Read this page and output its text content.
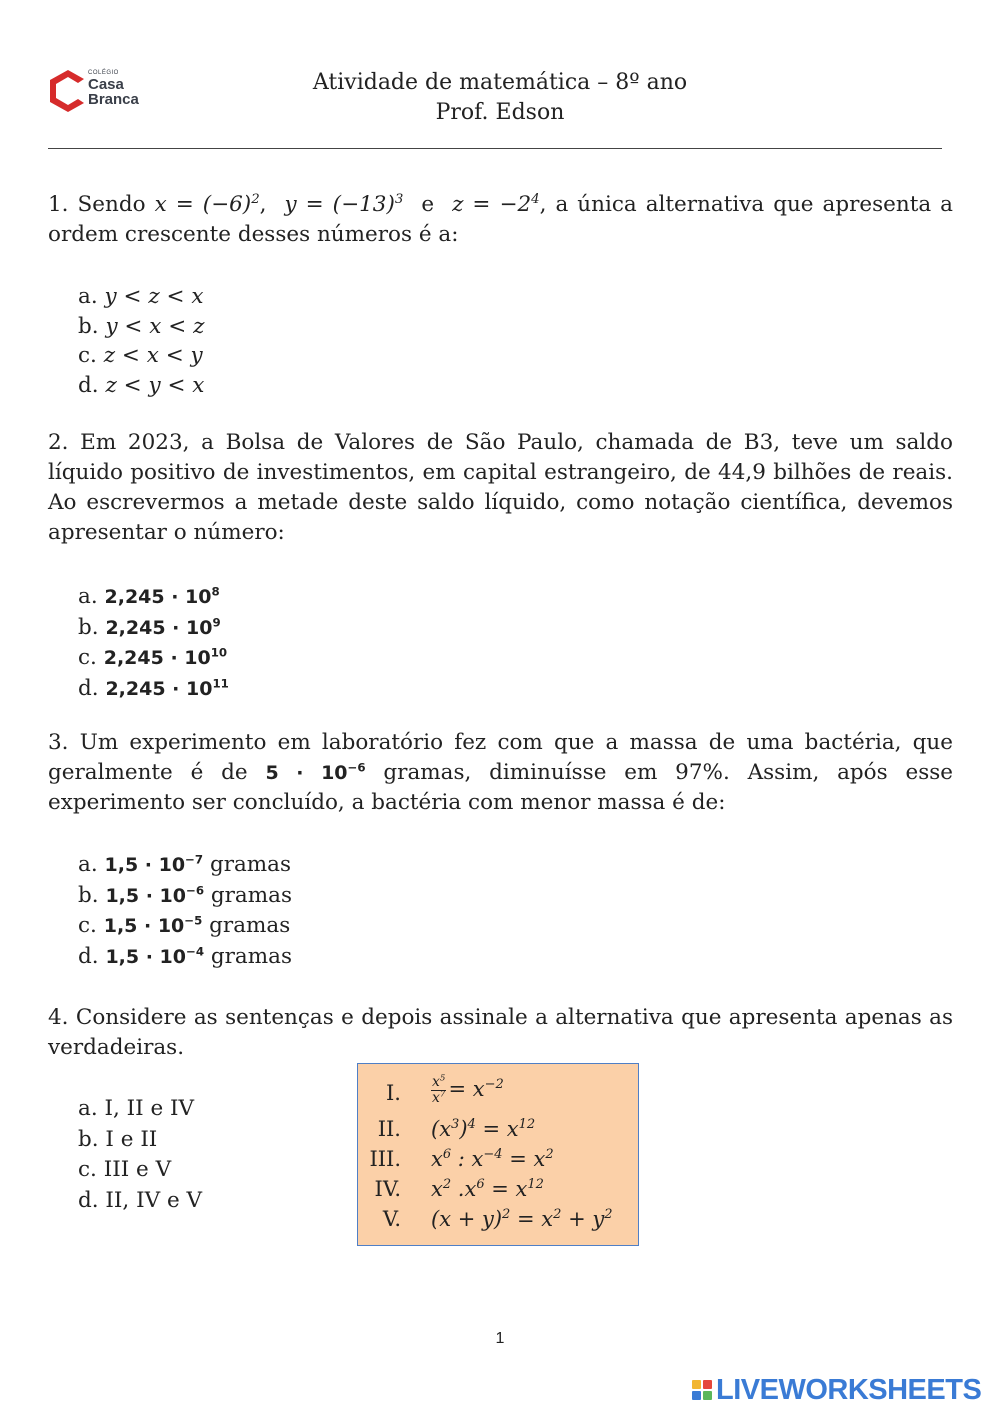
COLÉGIO
Casa
Branca
Atividade de matemática – 8º ano
Prof. Edson
1. Sendo $x = (-6)^2$,  $y = (-13)^3$ e $z = -2^4$, a única alternativa que apresenta a ordem crescente desses números é a:
a. y < z < x
b. y < x < z
c. z < x < y
d. z < y < x
2. Em 2023, a Bolsa de Valores de São Paulo, chamada de B3, teve um saldo líquido positivo de investimentos, em capital estrangeiro, de 44,9 bilhões de reais. Ao escrevermos a metade deste saldo líquido, como notação científica, devemos apresentar o número:
a. $2,245 \cdot 10^8$
b. $2,245 \cdot 10^9$
c. $2,245 \cdot 10^{10}$
d. $2,245 \cdot 10^{11}$
3. Um experimento em laboratório fez com que a massa de uma bactéria, que geralmente é de $5 \cdot 10^{-6}$ gramas, diminuísse em 97%. Assim, após esse experimento ser concluído, a bactéria com menor massa é de:
a. $1,5 \cdot 10^{-7}$ gramas
b. $1,5 \cdot 10^{-6}$ gramas
c. $1,5 \cdot 10^{-5}$ gramas
d. $1,5 \cdot 10^{-4}$ gramas
4. Considere as sentenças e depois assinale a alternativa que apresenta apenas as verdadeiras.
a. I, II e IV
b. I e II
c. III e V
d. II, IV e V
I. $\frac{x^5}{x^7} = x^{-2}$
II. $(x^3)^4 = x^{12}$
III. $x^6$ : $x^{-4} = x^2$
IV. $x^2$ $.x^6 = x^{12}$
V. $(x + y)^2 = x^2 + y^2$
1
LIVEWORKSHEETS
